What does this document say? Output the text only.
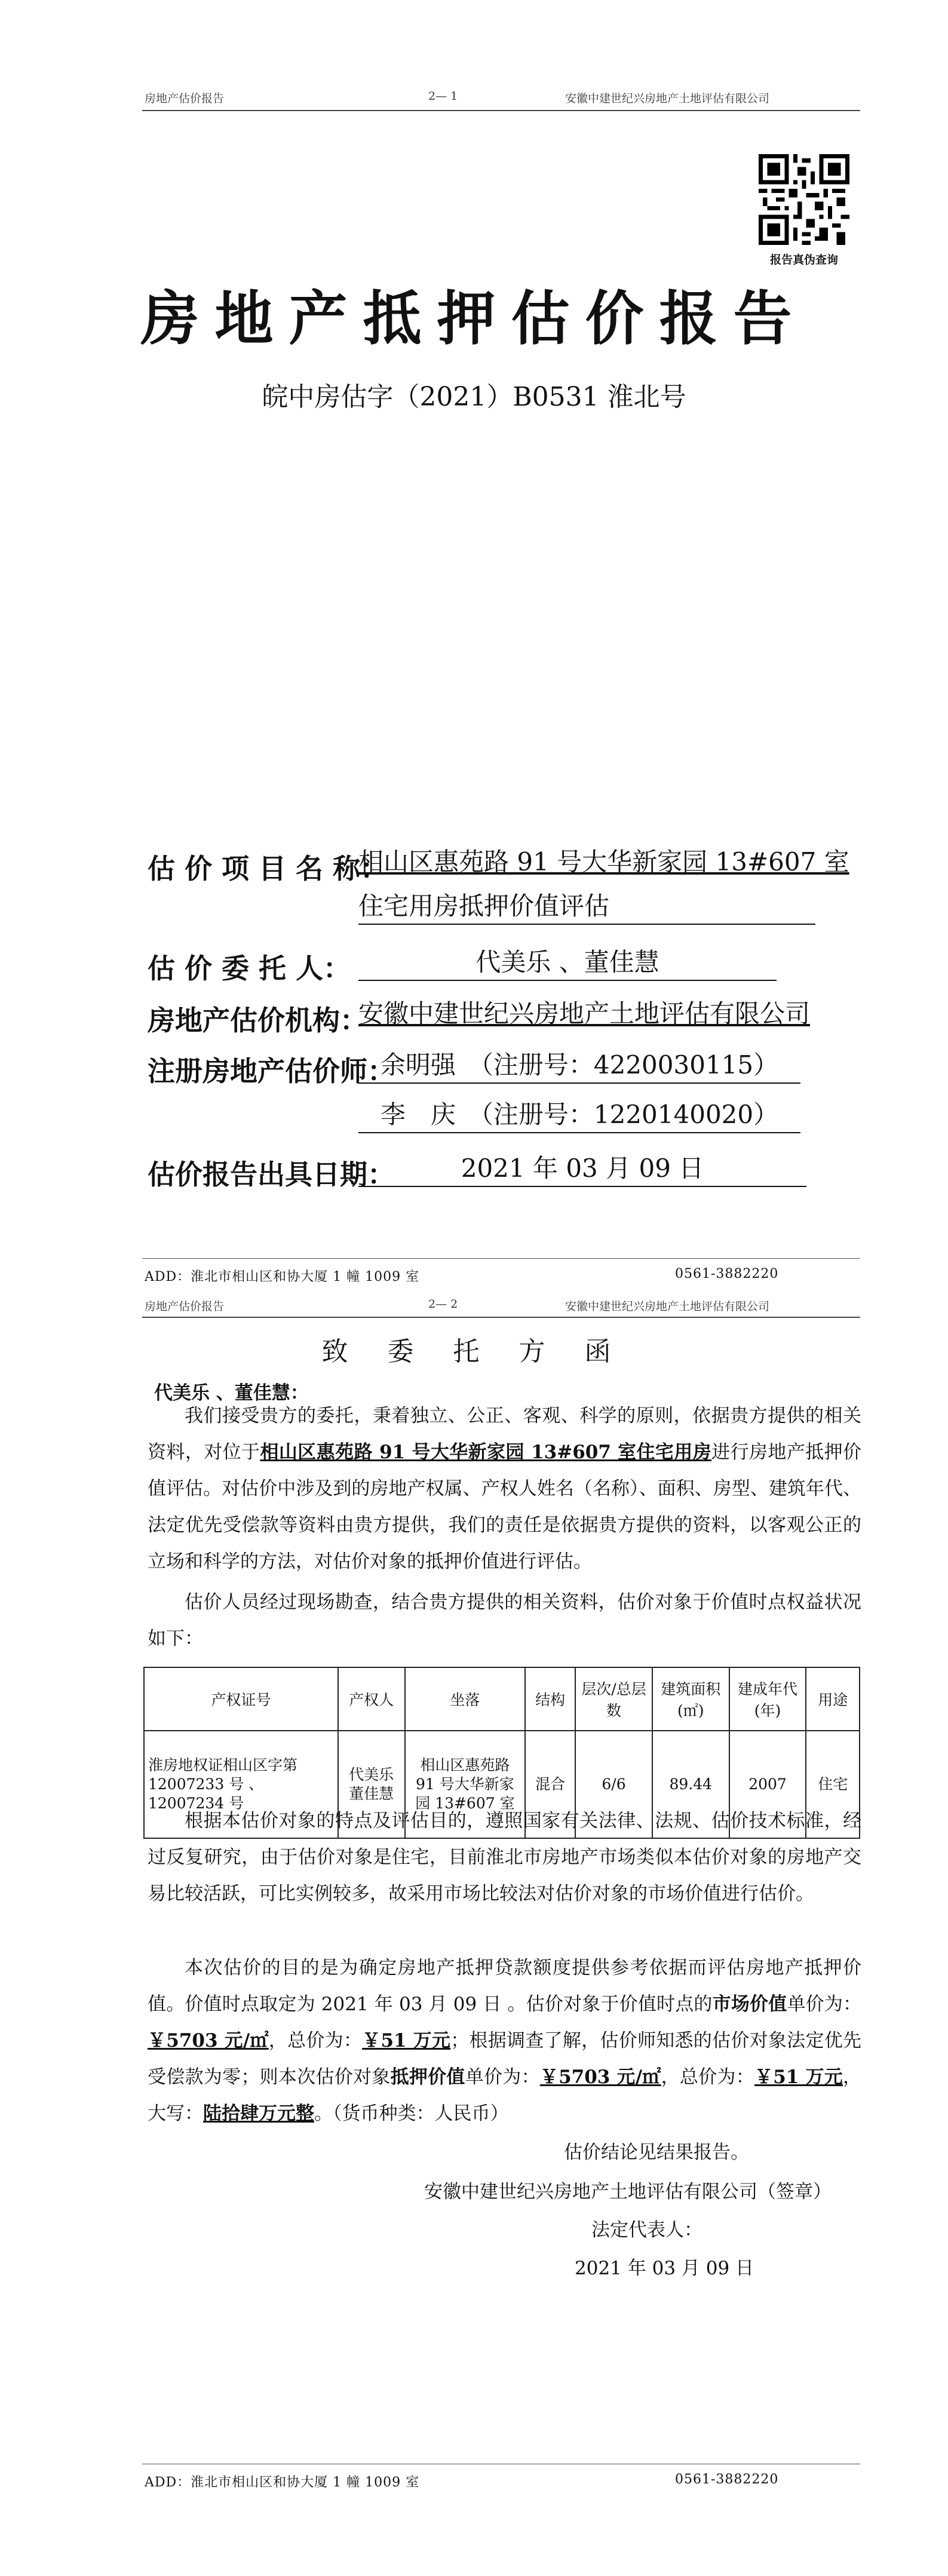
房地产估价报告	2— 1	安徽中建世纪兴房地产土地评估有限公司
报告真伪查询
房地产抵押估价报告
皖中房估字（2021）B0531 淮北号
估 价 项 目 名 称：
相山区惠苑路 91 号大华新家园 13#607 室
住宅用房抵押价值评估
估 价 委 托 人：	代美乐 、董佳慧
房地产估价机构：
安徽中建世纪兴房地产土地评估有限公司
注册房地产估价师：
余明强　（注册号：4220030115）
李　庆　（注册号：1220140020）
估价报告出具日期：	2021 年 03 月 09 日
ADD：淮北市相山区和协大厦 1 幢 1009 室	0561-3882220
房地产估价报告	2— 2	安徽中建世纪兴房地产土地评估有限公司
致 委 托 方 函
代美乐 、董佳慧：
我们接受贵方的委托，秉着独立、公正、客观、科学的原则，依据贵方提供的相关资料，对位于相山区惠苑路 91 号大华新家园 13#607 室住宅用房进行房地产抵押价值评估。对估价中涉及到的房地产权属、产权人姓名（名称）、面积、房型、建筑年代、法定优先受偿款等资料由贵方提供，我们的责任是依据贵方提供的资料，以客观公正的立场和科学的方法，对估价对象的抵押价值进行评估。
估价人员经过现场勘查，结合贵方提供的相关资料，估价对象于价值时点权益状况如下：
产权证号	产权人	坐落	结构	层次/总层数	建筑面积(㎡)	建成年代(年)	用途
淮房地权证相山区字第 12007233 号 、12007234 号	代美乐 董佳慧	相山区惠苑路 91 号大华新家园 13#607 室	混合	6/6	89.44	2007	住宅
根据本估价对象的特点及评估目的，遵照国家有关法律、法规、估价技术标准，经过反复研究，由于估价对象是住宅，目前淮北市房地产市场类似本估价对象的房地产交易比较活跃，可比实例较多，故采用市场比较法对估价对象的市场价值进行估价。
本次估价的目的是为确定房地产抵押贷款额度提供参考依据而评估房地产抵押价值。价值时点取定为 2021 年 03 月 09 日 。估价对象于价值时点的市场价值单价为：￥5703 元/㎡，总价为：￥51 万元；根据调查了解，估价师知悉的估价对象法定优先受偿款为零；则本次估价对象抵押价值单价为：￥5703 元/㎡，总价为：￥51 万元，大写：陆拾肆万元整。（货币种类：人民币）
估价结论见结果报告。
安徽中建世纪兴房地产土地评估有限公司（签章）
法定代表人：
2021 年 03 月 09 日
ADD：淮北市相山区和协大厦 1 幢 1009 室	0561-3882220
